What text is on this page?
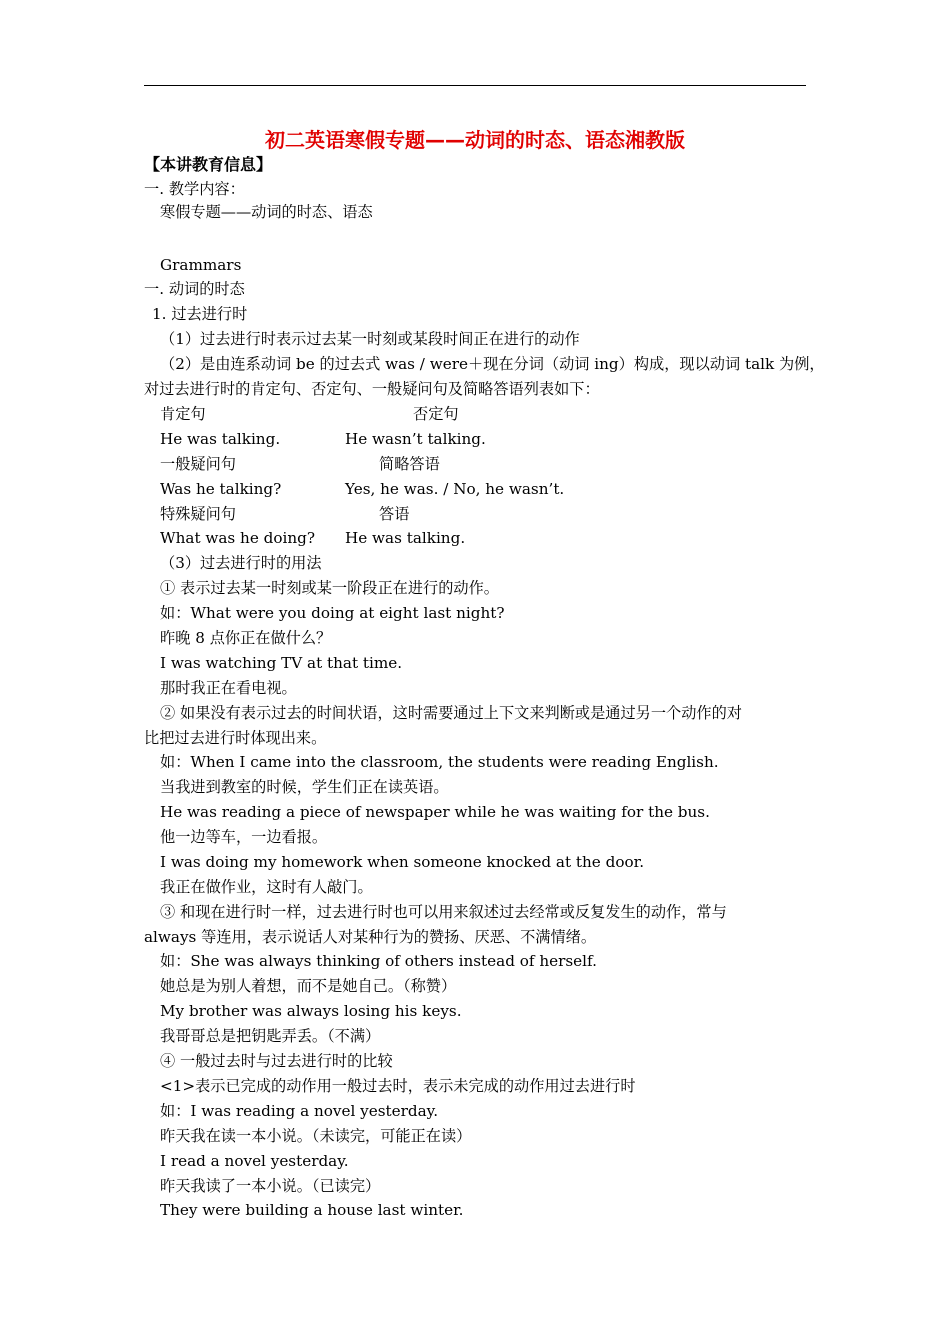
初二英语寒假专题——动词的时态、语态湘教版
【本讲教育信息】
一. 教学内容：
寒假专题——动词的时态、语态
Grammars
一. 动词的时态
1. 过去进行时
（1）过去进行时表示过去某一时刻或某段时间正在进行的动作
（2）是由连系动词 be 的过去式 was / were＋现在分词（动词 ing）构成，现以动词 talk 为例，
对过去进行时的肯定句、否定句、一般疑问句及简略答语列表如下：
肯定句	否定句
He was talking.	He wasn’t talking.
一般疑问句	简略答语
Was he talking?	Yes, he was. / No, he wasn’t.
特殊疑问句	答语
What was he doing? He was talking.
（3）过去进行时的用法
① 表示过去某一时刻或某一阶段正在进行的动作。
如：What were you doing at eight last night?
昨晚 8 点你正在做什么？
I was watching TV at that time.
那时我正在看电视。
② 如果没有表示过去的时间状语，这时需要通过上下文来判断或是通过另一个动作的对
比把过去进行时体现出来。
如：When I came into the classroom, the students were reading English.
当我进到教室的时候，学生们正在读英语。
He was reading a piece of newspaper while he was waiting for the bus.
他一边等车，一边看报。
I was doing my homework when someone knocked at the door.
我正在做作业，这时有人敲门。
③ 和现在进行时一样，过去进行时也可以用来叙述过去经常或反复发生的动作，常与
always 等连用，表示说话人对某种行为的赞扬、厌恶、不满情绪。
如：She was always thinking of others instead of herself.
她总是为别人着想，而不是她自己。（称赞）
My brother was always losing his keys.
我哥哥总是把钥匙弄丢。（不满）
④ 一般过去时与过去进行时的比较
<1>表示已完成的动作用一般过去时，表示未完成的动作用过去进行时
如：I was reading a novel yesterday.
昨天我在读一本小说。（未读完，可能正在读）
I read a novel yesterday.
昨天我读了一本小说。（已读完）
They were building a house last winter.
